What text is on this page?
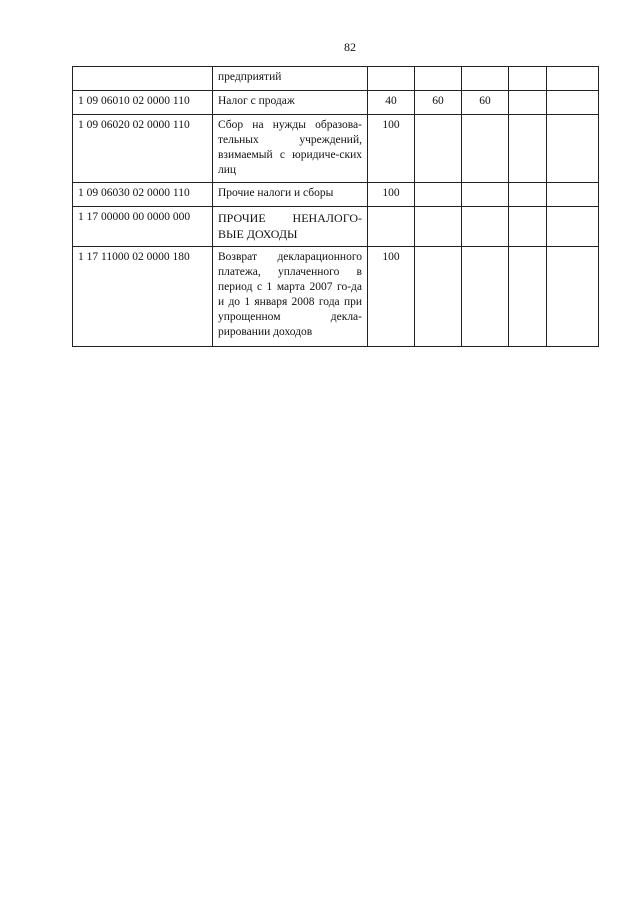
82
	предприятий					
1 09 06010 02 0000 110	Налог с продаж	40	60	60		
1 09 06020 02 0000 110	Сбор на нужды образова-тельных учреждений, взимаемый с юридиче-ских лиц	100				
1 09 06030 02 0000 110	Прочие налоги и сборы	100				
1 17 00000 00 0000 000	ПРОЧИЕ НЕНАЛОГО-ВЫЕ ДОХОДЫ					
1 17 11000 02 0000 180	Возврат декларационного платежа, уплаченного в период с 1 марта 2007 го-да и до 1 января 2008 года при упрощенном декла-рировании доходов	100				
